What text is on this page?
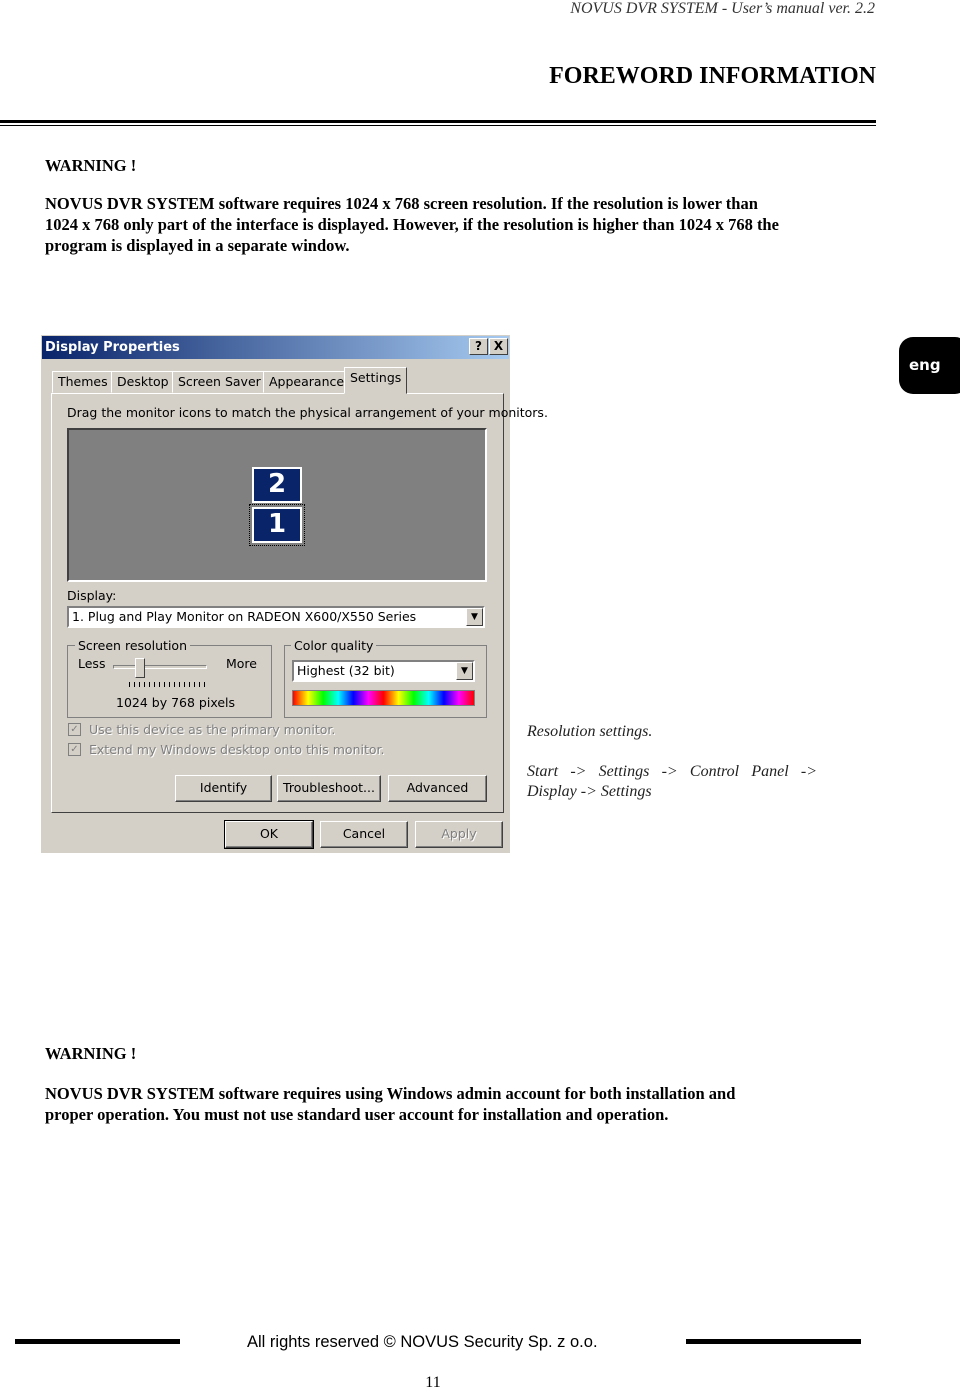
NOVUS DVR SYSTEM - User’s manual ver. 2.2
FOREWORD INFORMATION
WARNING !
NOVUS DVR SYSTEM software requires 1024 x 768 screen resolution. If the resolution is lower than
1024 x 768 only part of the interface is displayed. However, if the resolution is higher than 1024 x 768 the
program is displayed in a separate window.
eng
Display Properties	? X
Themes Desktop Screen Saver Appearance Settings
Drag the monitor icons to match the physical arrangement of your monitors.
2
1
Display:
1. Plug and Play Monitor on RADEON X600/X550 Series	▼
Screen resolution
Less	More
1024 by 768 pixels
Color quality
Highest (32 bit)	▼
✓ Use this device as the primary monitor.
✓ Extend my Windows desktop onto this monitor.
Identify	Troubleshoot...	Advanced
OK	Cancel	Apply
Resolution settings.
Start -> Settings -> Control Panel -> Display -> Settings
WARNING !
NOVUS DVR SYSTEM software requires using Windows admin account for both installation and
proper operation. You must not use standard user account for installation and operation.
All rights reserved © NOVUS Security Sp. z o.o.
11
